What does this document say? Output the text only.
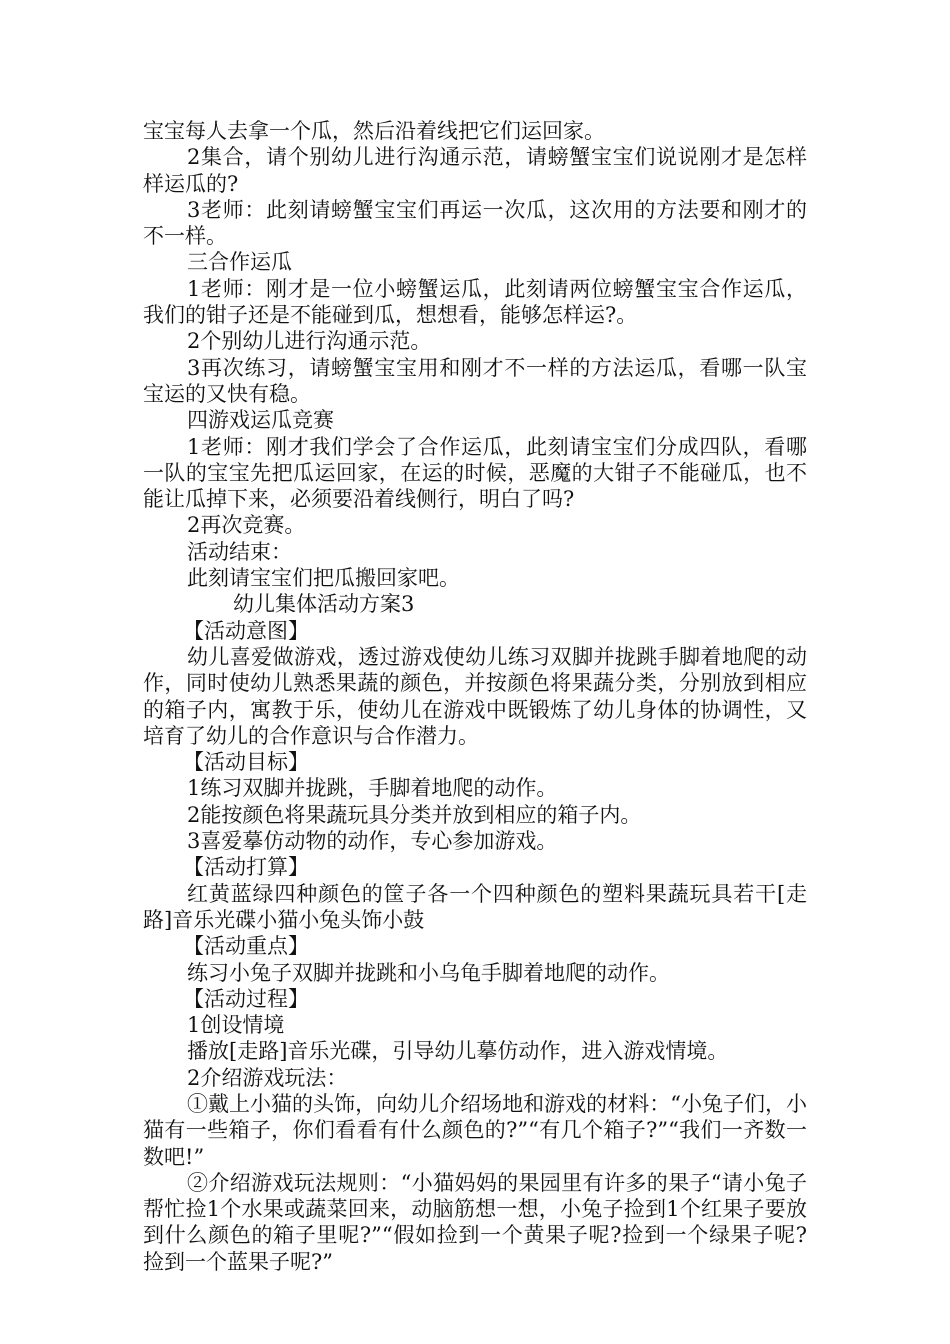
宝宝每人去拿一个瓜，然后沿着线把它们运回家。

2集合，请个别幼儿进行沟通示范，请螃蟹宝宝们说说刚才是怎样样运瓜的?

3老师：此刻请螃蟹宝宝们再运一次瓜，这次用的方法要和刚才的不一样。

三合作运瓜

1老师：刚才是一位小螃蟹运瓜，此刻请两位螃蟹宝宝合作运瓜，我们的钳子还是不能碰到瓜，想想看，能够怎样运?。

2个别幼儿进行沟通示范。

3再次练习，请螃蟹宝宝用和刚才不一样的方法运瓜，看哪一队宝宝运的又快有稳。

四游戏运瓜竞赛

1老师：刚才我们学会了合作运瓜，此刻请宝宝们分成四队，看哪一队的宝宝先把瓜运回家，在运的时候，恶魔的大钳子不能碰瓜，也不能让瓜掉下来，必须要沿着线侧行，明白了吗?

2再次竞赛。

活动结束：

此刻请宝宝们把瓜搬回家吧。

幼儿集体活动方案3

【活动意图】

幼儿喜爱做游戏，透过游戏使幼儿练习双脚并拢跳手脚着地爬的动作，同时使幼儿熟悉果蔬的颜色，并按颜色将果蔬分类，分别放到相应的箱子内，寓教于乐，使幼儿在游戏中既锻炼了幼儿身体的协调性，又培育了幼儿的合作意识与合作潜力。

【活动目标】

1练习双脚并拢跳，手脚着地爬的动作。

2能按颜色将果蔬玩具分类并放到相应的箱子内。

3喜爱摹仿动物的动作，专心参加游戏。

【活动打算】

红黄蓝绿四种颜色的筐子各一个四种颜色的塑料果蔬玩具若干[走路]音乐光碟小猫小兔头饰小鼓

【活动重点】

练习小兔子双脚并拢跳和小乌龟手脚着地爬的动作。

【活动过程】

1创设情境

播放[走路]音乐光碟，引导幼儿摹仿动作，进入游戏情境。

2介绍游戏玩法：

①戴上小猫的头饰，向幼儿介绍场地和游戏的材料：“小兔子们，小猫有一些箱子，你们看看有什么颜色的?”“有几个箱子?”“我们一齐数一数吧!”

②介绍游戏玩法规则：“小猫妈妈的果园里有许多的果子“请小兔子帮忙捡1个水果或蔬菜回来，动脑筋想一想，小兔子捡到1个红果子要放到什么颜色的箱子里呢?”“假如捡到一个黄果子呢?捡到一个绿果子呢?捡到一个蓝果子呢?”
